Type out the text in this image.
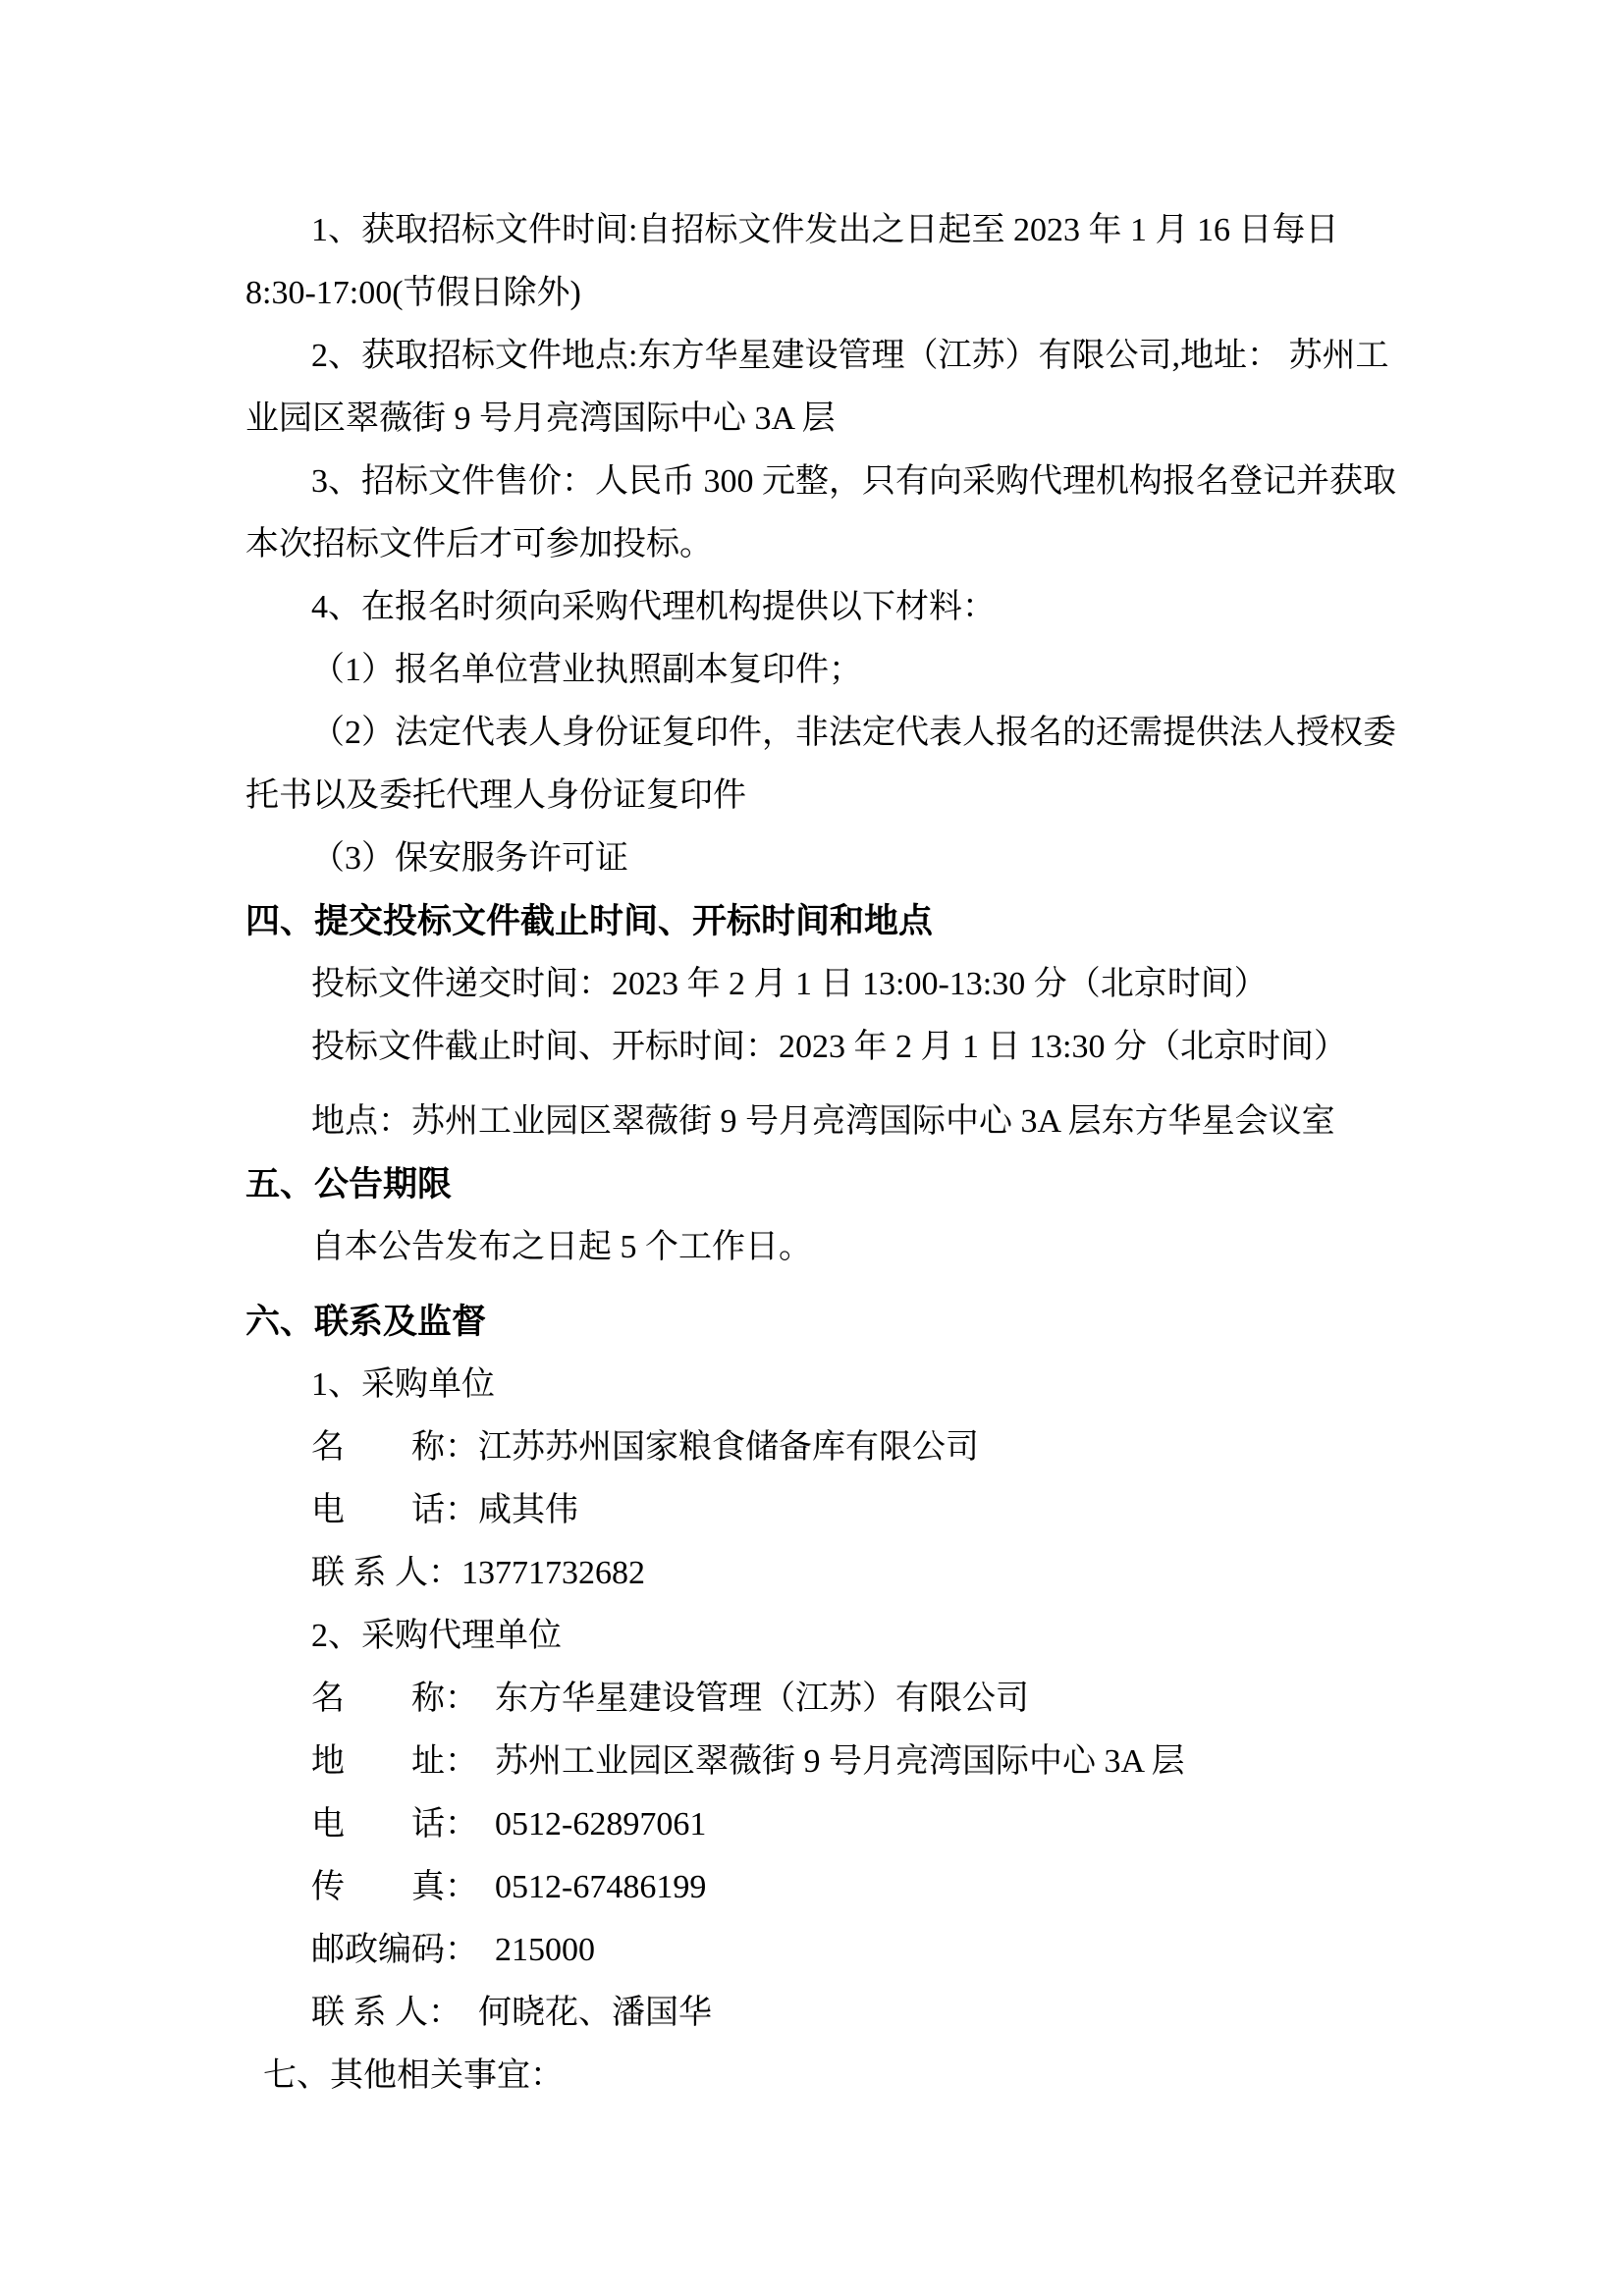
1、获取招标文件时间:自招标文件发出之日起至 2023 年 1 月 16 日每日
8:30-17:00(节假日除外)
2、获取招标文件地点:东方华星建设管理（江苏）有限公司,地址： 苏州工
业园区翠薇街 9 号月亮湾国际中心 3A 层
3、招标文件售价：人民币 300 元整，只有向采购代理机构报名登记并获取
本次招标文件后才可参加投标。
4、在报名时须向采购代理机构提供以下材料：
（1）报名单位营业执照副本复印件；
（2）法定代表人身份证复印件，非法定代表人报名的还需提供法人授权委
托书以及委托代理人身份证复印件
（3）保安服务许可证
四、提交投标文件截止时间、开标时间和地点
投标文件递交时间：2023 年 2 月 1 日 13:00-13:30 分（北京时间）
投标文件截止时间、开标时间：2023 年 2 月 1 日 13:30 分（北京时间）
地点：苏州工业园区翠薇街 9 号月亮湾国际中心 3A 层东方华星会议室
五、公告期限
自本公告发布之日起 5 个工作日。
六、联系及监督
1、采购单位
名　　称：江苏苏州国家粮食储备库有限公司
电　　话：咸其伟
联 系 人：13771732682
2、采购代理单位
名　　称：　东方华星建设管理（江苏）有限公司
地　　址：　苏州工业园区翠薇街 9 号月亮湾国际中心 3A 层
电　　话：　0512-62897061
传　　真：　0512-67486199
邮政编码：　215000
联 系 人：　何晓花、潘国华
七、其他相关事宜：
